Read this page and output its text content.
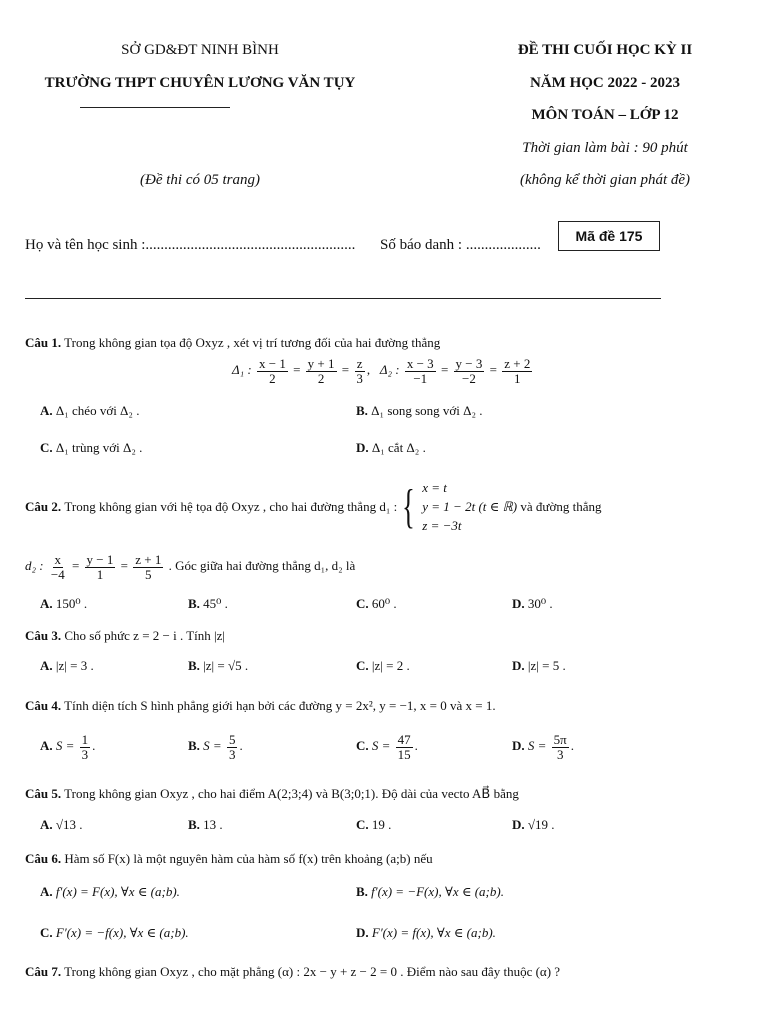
SỞ GD&ĐT NINH BÌNH
TRƯỜNG THPT CHUYÊN LƯƠNG VĂN TỤY
(Đề thi có 05 trang)
ĐỀ THI CUỐI HỌC KỲ II
NĂM HỌC 2022 - 2023
MÔN TOÁN – LỚP 12
Thời gian làm bài : 90 phút
(không kể thời gian phát đề)
Họ và tên học sinh :........................................................	Số báo danh : ....................
Mã đề 175
Câu 1. Trong không gian tọa độ Oxyz , xét vị trí tương đối của hai đường thẳng
Δ₁ : $\frac{x - 1}{2} = \frac{y + 1}{2} = \frac{z}{3}$ ,   Δ₂ : $\frac{x - 3}{-1} = \frac{y - 3}{-2} = \frac{z + 2}{1}$
A. Δ₁ chéo với Δ₂ .	B. Δ₁ song song với Δ₂ .
C. Δ₁ trùng với Δ₂ .	D. Δ₁ cắt Δ₂ .
Câu 2.
Trong không gian với hệ tọa độ Oxyz , cho hai đường thẳng d₁ : { x = t
y = 1 − 2t (t ∈ ℝ)
z = −3t

và đường thẳng
d₂ : $\frac{x}{-4} = \frac{y - 1}{1} = \frac{z + 1}{5}$ . Góc giữa hai đường thẳng d₁, d₂ là
A. 150⁰ .	B. 45⁰ .	C. 60⁰ .	D. 30⁰ .
Câu 3. Cho số phức z = 2 − i . Tính |z|
A. |z| = 3 .	B. |z| = √5 .	C. |z| = 2 .	D. |z| = 5 .
Câu 4. Tính diện tích S hình phẳng giới hạn bởi các đường y = 2x², y = −1, x = 0 và x = 1.
A. $S = \frac{1}{3}$ .	B. $S = \frac{5}{3}$ .	C. $S = \frac{47}{15}$ .	D. $S = \frac{5\pi}{3}$ .
Câu 5. Trong không gian Oxyz , cho hai điểm A(2;3;4) và B(3;0;1). Độ dài của vecto AB⃗ bằng
A. √13 .	B. 13 .	C. 19 .	D. √19 .
Câu 6. Hàm số F(x) là một nguyên hàm của hàm số f(x) trên khoảng (a;b) nếu
A. f′(x) = F(x), ∀x ∈ (a;b).	B. f′(x) = −F(x), ∀x ∈ (a;b).
C. F′(x) = −f(x), ∀x ∈ (a;b).	D. F′(x) = f(x), ∀x ∈ (a;b).
Câu 7. Trong không gian Oxyz , cho mặt phẳng (α) : 2x − y + z − 2 = 0 . Điểm nào sau đây thuộc (α) ?
